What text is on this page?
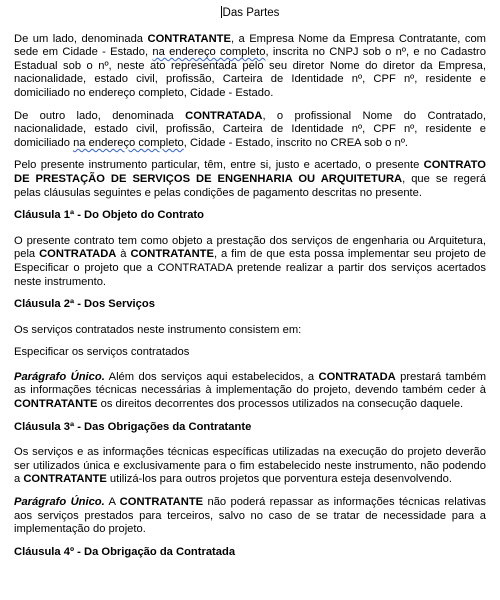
Das Partes

De um lado, denominada CONTRATANTE, a Empresa Nome da Empresa Contratante, com sede em Cidade - Estado, na endereço completo, inscrita no CNPJ sob o nº, e no Cadastro Estadual sob o nº, neste ato representada pelo seu diretor Nome do diretor da Empresa, nacionalidade, estado civil, profissão, Carteira de Identidade nº, CPF nº, residente e domiciliado no endereço completo, Cidade - Estado.

De outro lado, denominada CONTRATADA, o profissional Nome do Contratado, nacionalidade, estado civil, profissão, Carteira de Identidade nº, CPF nº, residente e domiciliado na endereço completo, Cidade - Estado, inscrito no CREA sob o nº.

Pelo presente instrumento particular, têm, entre si, justo e acertado, o presente CONTRATO DE PRESTAÇÃO DE SERVIÇOS DE ENGENHARIA OU ARQUITETURA, que se regerá pelas cláusulas seguintes e pelas condições de pagamento descritas no presente.

Cláusula 1ª - Do Objeto do Contrato

O presente contrato tem como objeto a prestação dos serviços de engenharia ou Arquitetura, pela CONTRATADA à CONTRATANTE, a fim de que esta possa implementar seu projeto de Especificar o projeto que a CONTRATADA pretende realizar a partir dos serviços acertados neste instrumento.

Cláusula 2ª - Dos Serviços

Os serviços contratados neste instrumento consistem em:

Especificar os serviços contratados

Parágrafo Único. Além dos serviços aqui estabelecidos, a CONTRATADA prestará também as informações técnicas necessárias à implementação do projeto, devendo também ceder à CONTRATANTE os direitos decorrentes dos processos utilizados na consecução daquele.

Cláusula 3ª - Das Obrigações da Contratante

Os serviços e as informações técnicas específicas utilizadas na execução do projeto deverão ser utilizados única e exclusivamente para o fim estabelecido neste instrumento, não podendo a CONTRATANTE utilizá-los para outros projetos que porventura esteja desenvolvendo.

Parágrafo Único. A CONTRATANTE não poderá repassar as informações técnicas relativas aos serviços prestados para terceiros, salvo no caso de se tratar de necessidade para a implementação do projeto.

Cláusula 4º - Da Obrigação da Contratada
